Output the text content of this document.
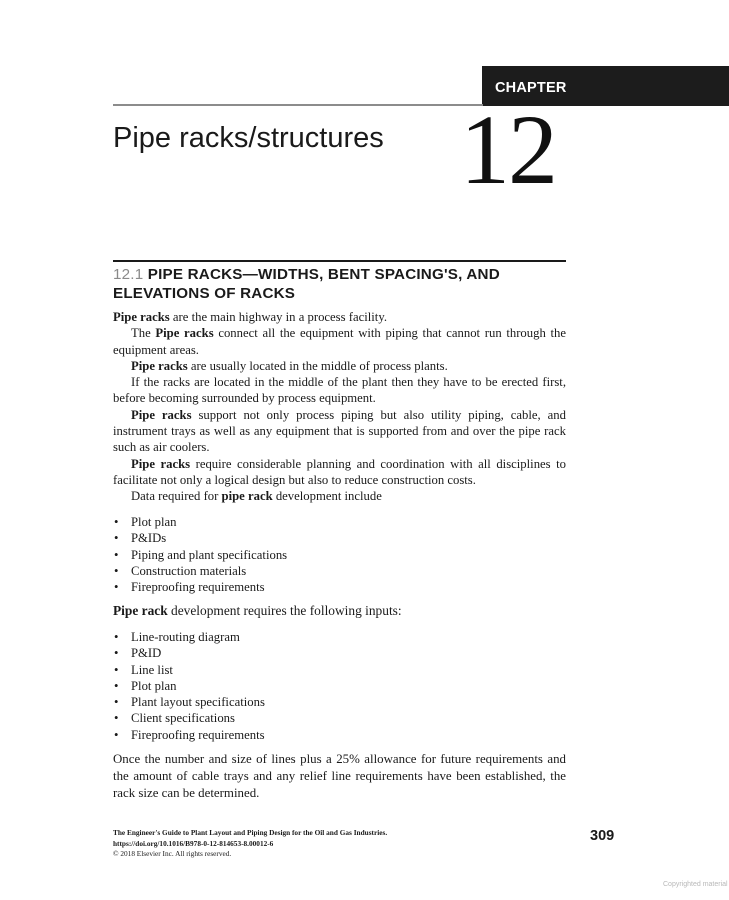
CHAPTER
Pipe racks/structures 12
12.1 PIPE RACKS—WIDTHS, BENT SPACING'S, AND ELEVATIONS OF RACKS

Pipe racks are the main highway in a process facility.

The Pipe racks connect all the equipment with piping that cannot run through the equipment areas.

Pipe racks are usually located in the middle of process plants.

If the racks are located in the middle of the plant then they have to be erected first, before becoming surrounded by process equipment.

Pipe racks support not only process piping but also utility piping, cable, and instrument trays as well as any equipment that is supported from and over the pipe rack such as air coolers.

Pipe racks require considerable planning and coordination with all disciplines to facilitate not only a logical design but also to reduce construction costs.

Data required for pipe rack development include

• Plot plan
• P&IDs
• Piping and plant specifications
• Construction materials
• Fireproofing requirements
Pipe rack development requires the following inputs:
• Line-routing diagram
• P&ID
• Line list
• Plot plan
• Plant layout specifications
• Client specifications
• Fireproofing requirements
Once the number and size of lines plus a 25% allowance for future requirements and the amount of cable trays and any relief line requirements have been established, the rack size can be determined.
The Engineer's Guide to Plant Layout and Piping Design for the Oil and Gas Industries.
https://doi.org/10.1016/B978-0-12-814653-8.00012-6
© 2018 Elsevier Inc. All rights reserved.
309
Copyrighted material
